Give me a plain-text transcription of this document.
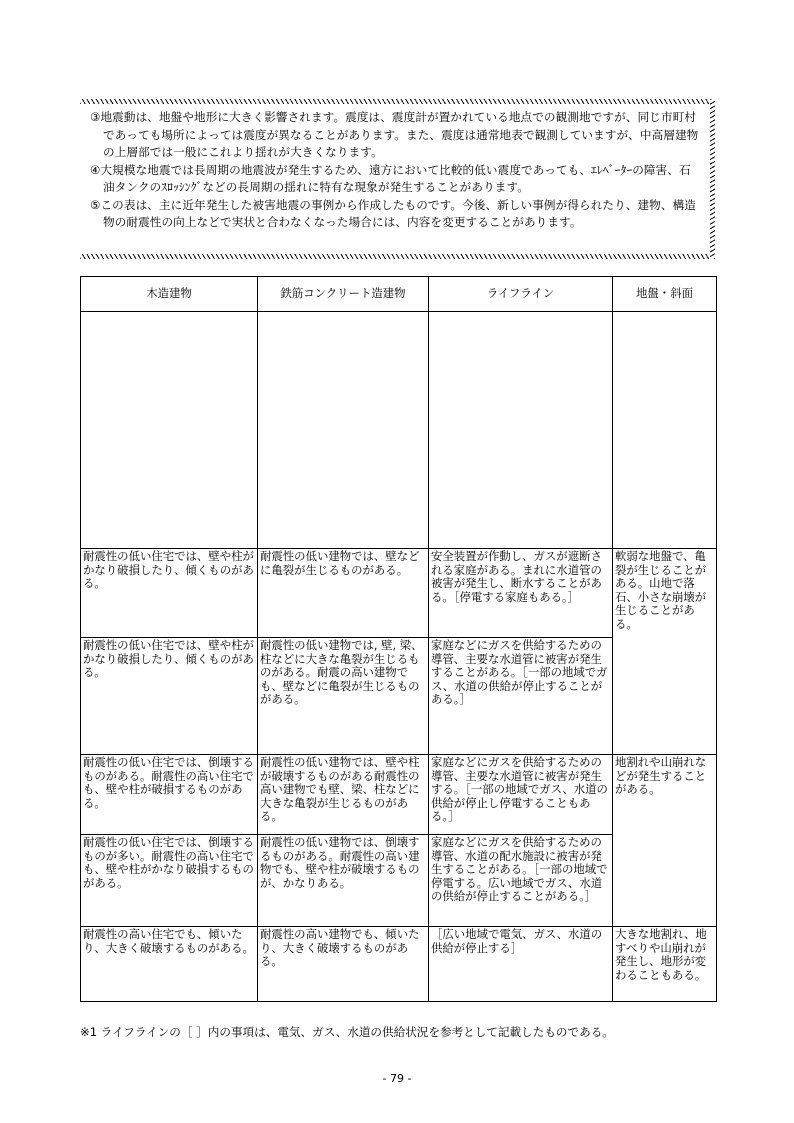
③地震動は、地盤や地形に大きく影響されます。震度は、震度計が置かれている地点での観測地ですが、同じ市町村であっても場所によっては震度が異なることがあります。また、震度は通常地表で観測していますが、中高層建物の上層部では一般にこれより揺れが大きくなります。
④大規模な地震では長周期の地震波が発生するため、遠方において比較的低い震度であっても、ｴﾚﾍﾞｰﾀｰの障害、石油タンクのｽﾛｯｼﾝｸﾞなどの長周期の揺れに特有な現象が発生することがあります。
⑤この表は、主に近年発生した被害地震の事例から作成したものです。今後、新しい事例が得られたり、建物、構造物の耐震性の向上などで実状と合わなくなった場合には、内容を変更することがあります。
木造建物	鉄筋コンクリート造建物	ライフライン	地盤・斜面

耐震性の低い住宅では、壁や柱がかなり破損したり、傾くものがある。	耐震性の低い建物では、壁などに亀裂が生じるものがある。	安全装置が作動し、ガスが遮断される家庭がある。まれに水道管の被害が発生し、断水することがある。［停電する家庭もある。］	軟弱な地盤で、亀裂が生じることがある。山地で落石、小さな崩壊が生じることがある。
耐震性の低い住宅では、壁や柱がかなり破損したり、傾くものがある。	耐震性の低い建物では, 壁, 梁、柱などに大きな亀裂が生じるものがある。耐震の高い建物でも、壁などに亀裂が生じるものがある。	家庭などにガスを供給するための導管、主要な水道管に被害が発生することがある。［一部の地域でガス、水道の供給が停止することがある。］	
耐震性の低い住宅では、倒壊するものがある。耐震性の高い住宅でも、壁や柱が破損するものがある。	耐震性の低い建物では、壁や柱が破壊するものがある耐震性の高い建物でも壁、梁、柱などに大きな亀裂が生じるものがある。	家庭などにガスを供給するための導管、主要な水道管に被害が発生する。［一部の地域でガス、水道の供給が停止し停電することもある。］	地割れや山崩れなどが発生することがある。
耐震性の低い住宅では、倒壊するものが多い。耐震性の高い住宅でも、壁や柱がかなり破損するものがある。	耐震性の低い建物では、倒壊するものがある。耐震性の高い建物でも、壁や柱が破壊するものが、かなりある。	家庭などにガスを供給するための導管、水道の配水施設に被害が発生することがある。［一部の地域で停電する。広い地域でガス、水道の供給が停止することがある。］	
耐震性の高い住宅でも、傾いたり、大きく破壊するものがある。	耐震性の高い建物でも、傾いたり、大きく破壊するものがある。	［広い地域で電気、ガス、水道の供給が停止する］	大きな地割れ、地すべりや山崩れが発生し、地形が変わることもある。
※1 ライフラインの［ ］内の事項は、電気、ガス、水道の供給状況を参考として記載したものである。
- 79 -
